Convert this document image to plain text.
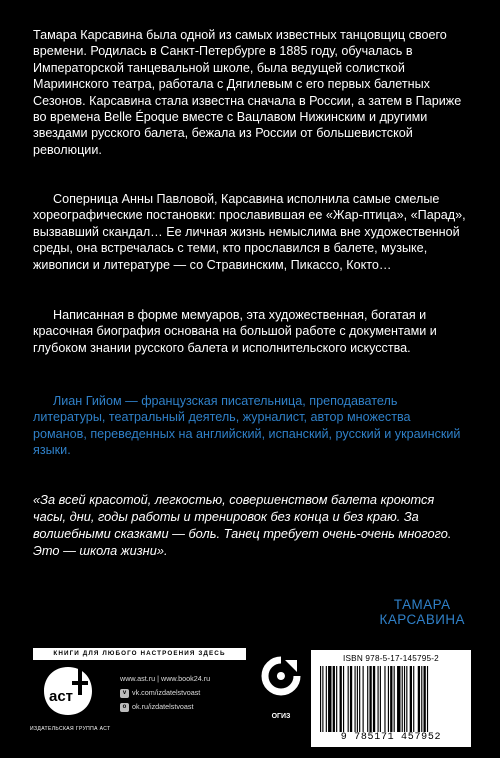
Тамара Карсавина была одной из самых известных танцовщиц своего времени. Родилась в Санкт-Петербурге в 1885 году, обучалась в Императорской танцевальной школе, была ведущей солисткой Мариинского театра, работала с Дягилевым с его первых балетных Сезонов. Карсавина стала известна сначала в России, а затем в Париже во времена Belle Époque вместе с Вацлавом Нижинским и другими звездами русского балета, бежала из России от большевистской революции.

Соперница Анны Павловой, Карсавина исполнила самые смелые хореографические постановки: прославившая ее «Жар-птица», «Парад», вызвавший скандал… Ее личная жизнь немыслима вне художественной среды, она встречалась с теми, кто прославился в балете, музыке, живописи и литературе — со Стравинским, Пикассо, Кокто…

Написанная в форме мемуаров, эта художественная, богатая и красочная биография основана на большой работе с документами и глубоком знании русского балета и исполнительского искусства.

Лиан Гийом — французская писательница, преподаватель литературы, театральный деятель, журналист, автор множества романов, переведенных на английский, испанский, русский и украинский языки.

«За всей красотой, легкостью, совершенством балета кроются часы, дни, годы работы и тренировок без конца и без краю. За волшебными сказками — боль. Танец требует очень-очень многого. Это — школа жизни».

ТАМАРА
КАРСАВИНА
КНИГИ ДЛЯ ЛЮБОГО НАСТРОЕНИЯ ЗДЕСЬ
аст
ИЗДАТЕЛЬСКАЯ ГРУППА АСТ
www.ast.ru | www.book24.ru
v vk.com/izdatelstvoast
o ok.ru/izdatelstvoast
ОГИЗ
ISBN 978-5-17-145795-2
9 785171 457952
